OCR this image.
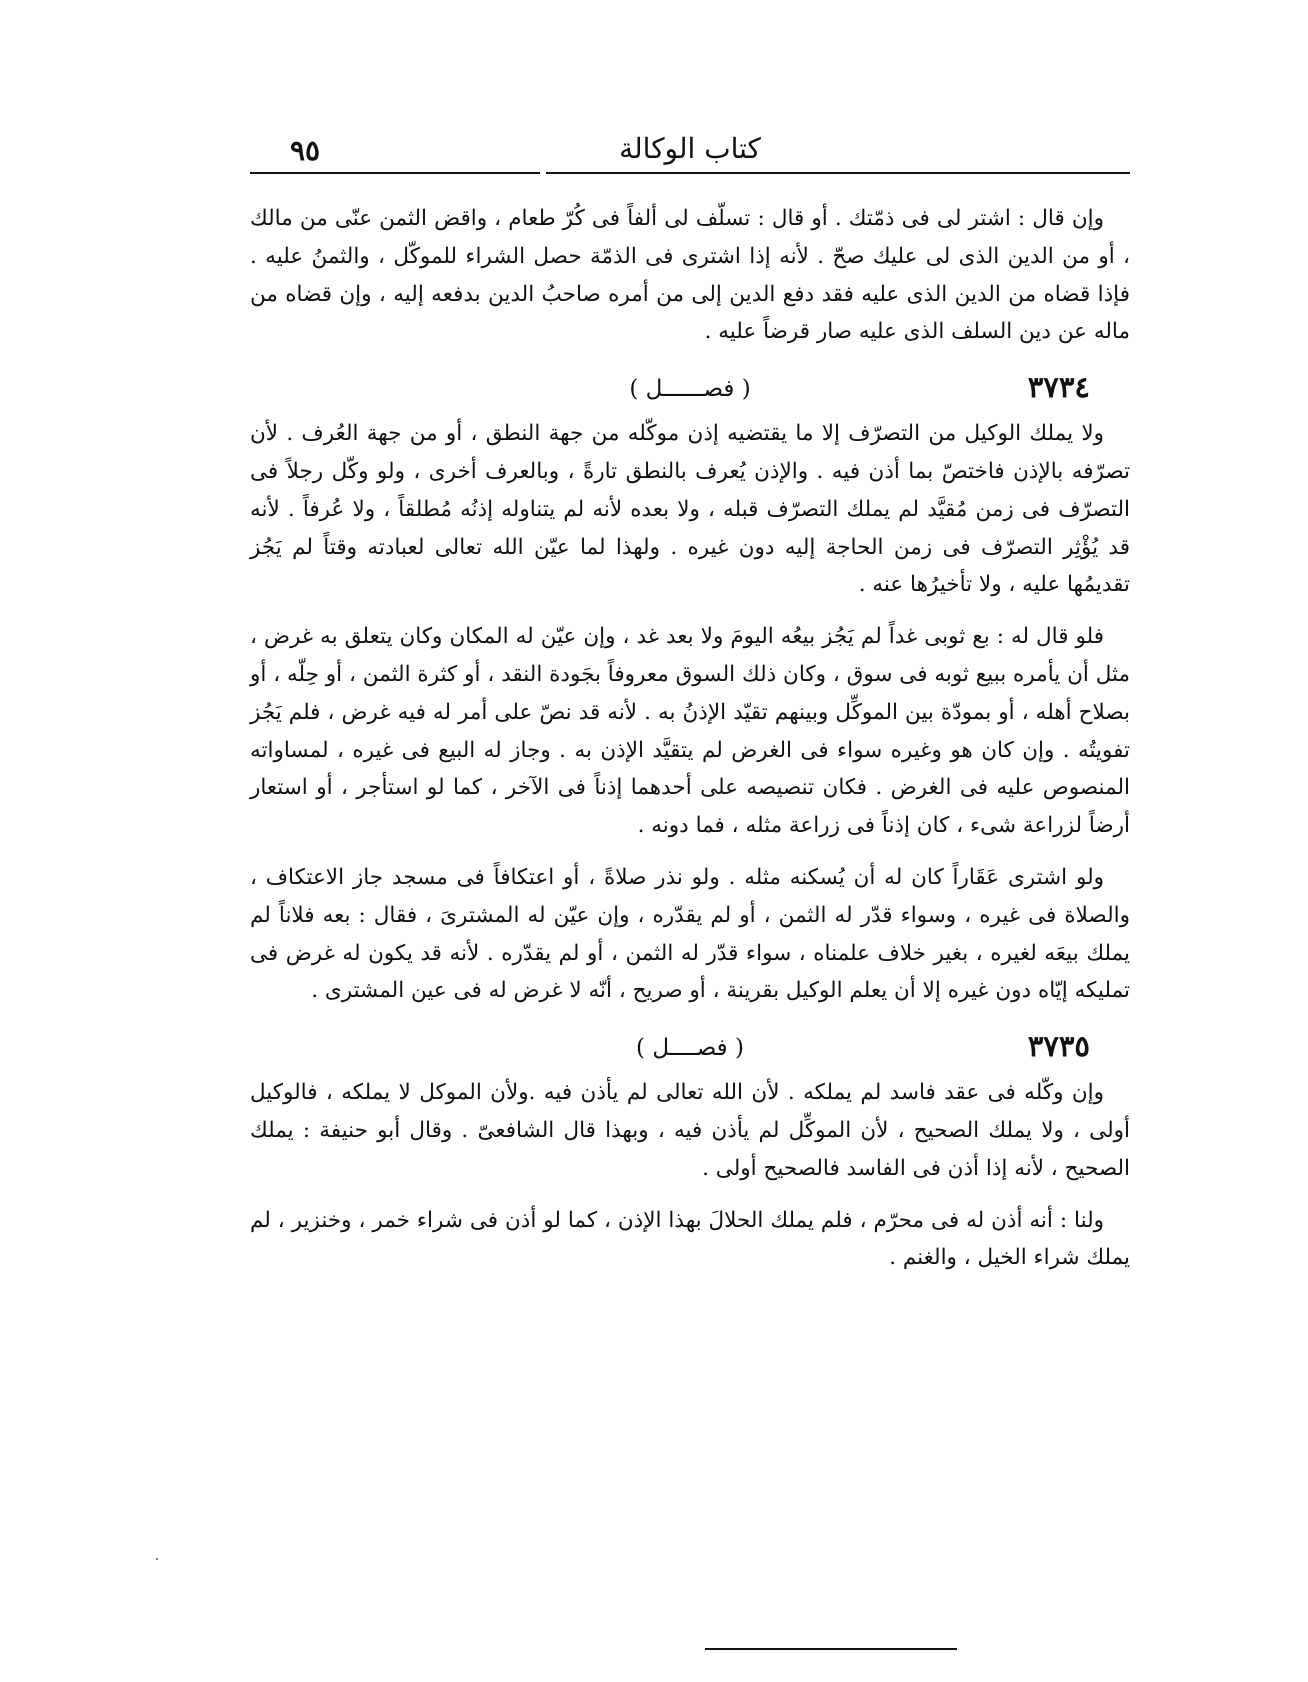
٩٥	كتاب الوكالة

وإن قال : اشتر لى فى ذمّتك . أو قال : تسلّف لى ألفاً فى كُرّ طعام ، واقض الثمن عنّى من مالك ، أو من الدين الذى لى عليك صحّ . لأنه إذا اشترى فى الذمّة حصل الشراء للموكّل ، والثمنُ عليه . فإذا قضاه من الدين الذى عليه فقد دفع الدين إلى من أمره صاحبُ الدين بدفعه إليه ، وإن قضاه من ماله عن دين السلف الذى عليه صار قرضاً عليه .

٣٧٣٤
( فصــــــل )

ولا يملك الوكيل من التصرّف إلا ما يقتضيه إذن موكّله من جهة النطق ، أو من جهة العُرف . لأن تصرّفه بالإذن فاختصّ بما أذن فيه . والإذن يُعرف بالنطق تارةً ، وبالعرف أخرى ، ولو وكّل رجلاً فى التصرّف فى زمن مُقيَّد لم يملك التصرّف قبله ، ولا بعده لأنه لم يتناوله إذنُه مُطلقاً ، ولا عُرفاً . لأنه قد يُؤْثِر التصرّف فى زمن الحاجة إليه دون غيره . ولهذا لما عيّن الله تعالى لعبادته وقتاً لم يَجُز تقديمُها عليه ، ولا تأخيرُها عنه .

فلو قال له : بع ثوبى غداً لم يَجُز بيعُه اليومَ ولا بعد غد ، وإن عيّن له المكان وكان يتعلق به غرض ، مثل أن يأمره ببيع ثوبه فى سوق ، وكان ذلك السوق معروفاً بجَودة النقد ، أو كثرة الثمن ، أو حِلّه ، أو بصلاح أهله ، أو بمودّة بين الموكِّل وبينهم تقيّد الإذنُ به . لأنه قد نصّ على أمر له فيه غرض ، فلم يَجُز تفويتُه . وإن كان هو وغيره سواء فى الغرض لم يتقيَّد الإذن به . وجاز له البيع فى غيره ، لمساواته المنصوص عليه فى الغرض . فكان تنصيصه على أحدهما إذناً فى الآخر ، كما لو استأجر ، أو استعار أرضاً لزراعة شىء ، كان إذناً فى زراعة مثله ، فما دونه .

ولو اشترى عَقَاراً كان له أن يُسكنه مثله . ولو نذر صلاةً ، أو اعتكافاً فى مسجد جاز الاعتكاف ، والصلاة فى غيره ، وسواء قدّر له الثمن ، أو لم يقدّره ، وإن عيّن له المشترىَ ، فقال : بعه فلاناً لم يملك بيعَه لغيره ، بغير خلاف علمناه ، سواء قدّر له الثمن ، أو لم يقدّره . لأنه قد يكون له غرض فى تمليكه إيّاه دون غيره إلا أن يعلم الوكيل بقرينة ، أو صريح ، أنّه لا غرض له فى عين المشترى .

٣٧٣٥
( فصــــل )

وإن وكّله فى عقد فاسد لم يملكه . لأن الله تعالى لم يأذن فيه .ولأن الموكل لا يملكه ، فالوكيل أولى ، ولا يملك الصحيح ، لأن الموكِّل لم يأذن فيه ، وبهذا قال الشافعىّ . وقال أبو حنيفة : يملك الصحيح ، لأنه إذا أذن فى الفاسد فالصحيح أولى .

ولنا : أنه أذن له فى محرّم ، فلم يملك الحلالَ بهذا الإذن ، كما لو أذن فى شراء خمر ، وخنزير ، لم يملك شراء الخيل ، والغنم .
